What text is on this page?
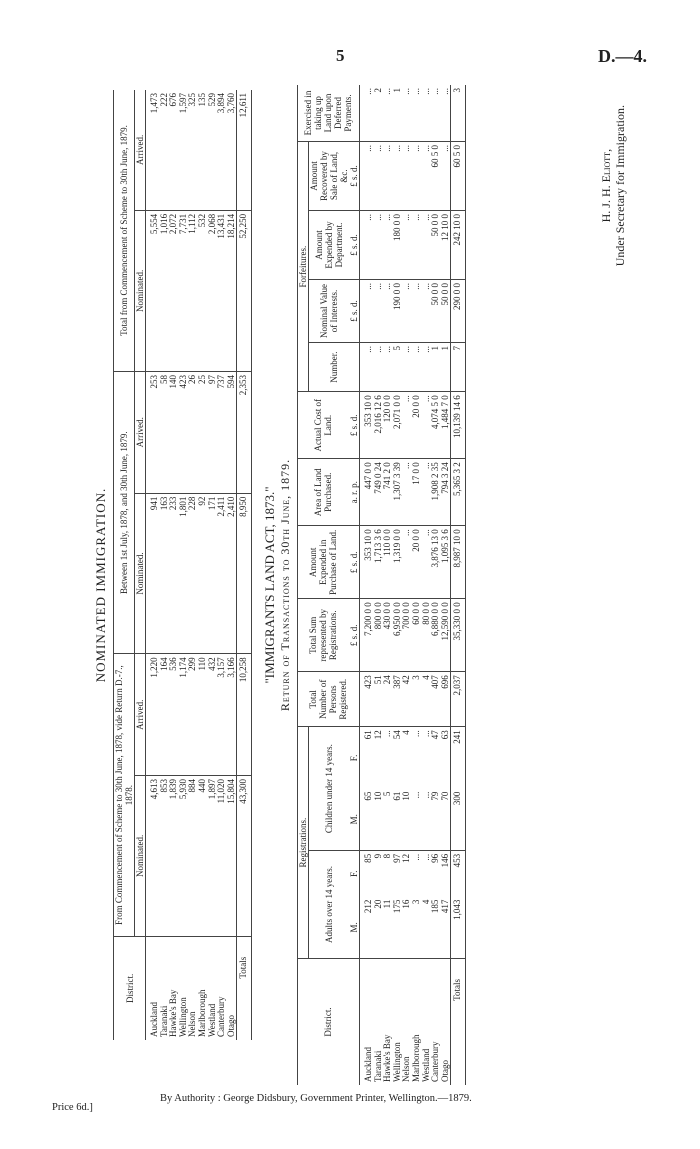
5	D.—4.
NOMINATED IMMIGRATION.
District.	From Commencement of Scheme to 30th June, 1878, vide Return D.-7., 1878.		Between 1st July, 1878, and 30th June, 1879.		Total from Commencement of Scheme to 30th June, 1879.	
	Nominated.	Arrived.	Nominated.	Arrived.	Nominated.	Arrived.
Auckland	4,613	1,220	941	253	5,554	1,473
Taranaki	853	164	163	58	1,016	222
Hawke's Bay	1,839	536	233	140	2,072	676
Wellington	5,930	1,174	1,801	423	7,731	1,597
Nelson	884	299	228	26	1,112	325
Marlborough	440	110	92	25	532	135
Westland	1,897	432	171	97	2,068	529
Canterbury	11,020	3,157	2,411	737	13,431	3,894
Otago	15,804	3,166	2,410	594	18,214	3,760
Totals	43,300	10,258	8,950	2,353	52,250	12,611
"IMMIGRANTS LAND ACT, 1873." Return of Transactions to 30th June, 1879.
District.	Registrations.				Total Number of Persons Registered.	Total Sum represented by Registrations.	Amount Expended in Purchase of Land.	Area of Land Purchased.	Actual Cost of Land.	Forfeitures.				Exercised in taking up Land upon Deferred Payments.
	Adults over 14 years.		Children under 14 years.							Number.	Nominal Value of Interests.	Amount Expended by Department.	Amount Recovered by Sale of Land, &c.	
	M.	F.	M.	F.		£ s. d.	£ s. d.	a. r. p.	£ s. d.		£ s. d.	£ s. d.	£ s. d.	
Auckland	212	85	65	61	423	7,200 0 0	353 10 0	447 0 0	353 10 0	...	...	...	...	...
Taranaki	20	9	10	12	51	800 0 0	1,713 3 6	749 0 24	2,016 12 6	...	...	...	...	2
Hawke's Bay	11	8	5	...	24	430 0 0	110 0 0	741 2 0	120 0 0	...	...	...	...	...
Wellington	175	97	61	54	387	6,950 0 0	1,319 0 0	1,307 3 39	2,071 0 0	5	190 0 0	180 0 0	...	1
Nelson	16	12	10	4	42	700 0 0	...	...	...	...	...	...	...	...
Marlborough	3	...	...	...	3	60 0 0	20 0 0	17 0 0	20 0 0	...	...	...	...	...
Westland	4	...	...	...	4	80 0 0	...	...	...	...	...	...	...	...
Canterbury	185	96	79	47	407	6,880 0 0	3,876 13 0	1,908 2 35	4,074 5 0	1	50 0 0	50 0 0	60 5 0	...
Otago	417	146	70	63	696	12,590 0 0	1,095 3 6	794 3 24	1,484 7 0	1	50 0 0	12 10 0	...	...
Totals	1,043	453	300	241	2,037	35,330 0 0	8,987 10 0	5,365 3 2	10,139 14 6	7	290 0 0	242 10 0	60 5 0	3
H. J. H. Eliott, Under Secretary for Immigration.
By Authority : George Didsbury, Government Printer, Wellington.—1879.
Price 6d.]
